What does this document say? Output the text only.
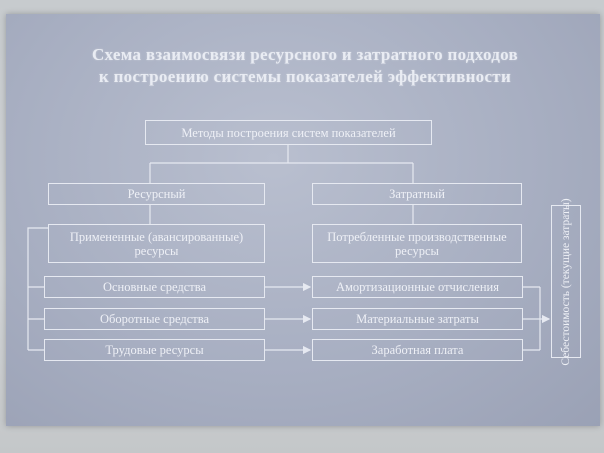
Схема взаимосвязи ресурсного и затратного подходов
к построению системы показателей эффективности
Методы построения систем показателей
Ресурсный	Затратный
Примененные (авансированные) ресурсы
Потребленные производственные ресурсы
Основные средства
Оборотные средства
Трудовые ресурсы
Амортизационные отчисления
Материальные затраты
Заработная плата	Себестоимость (текущие затраты)
